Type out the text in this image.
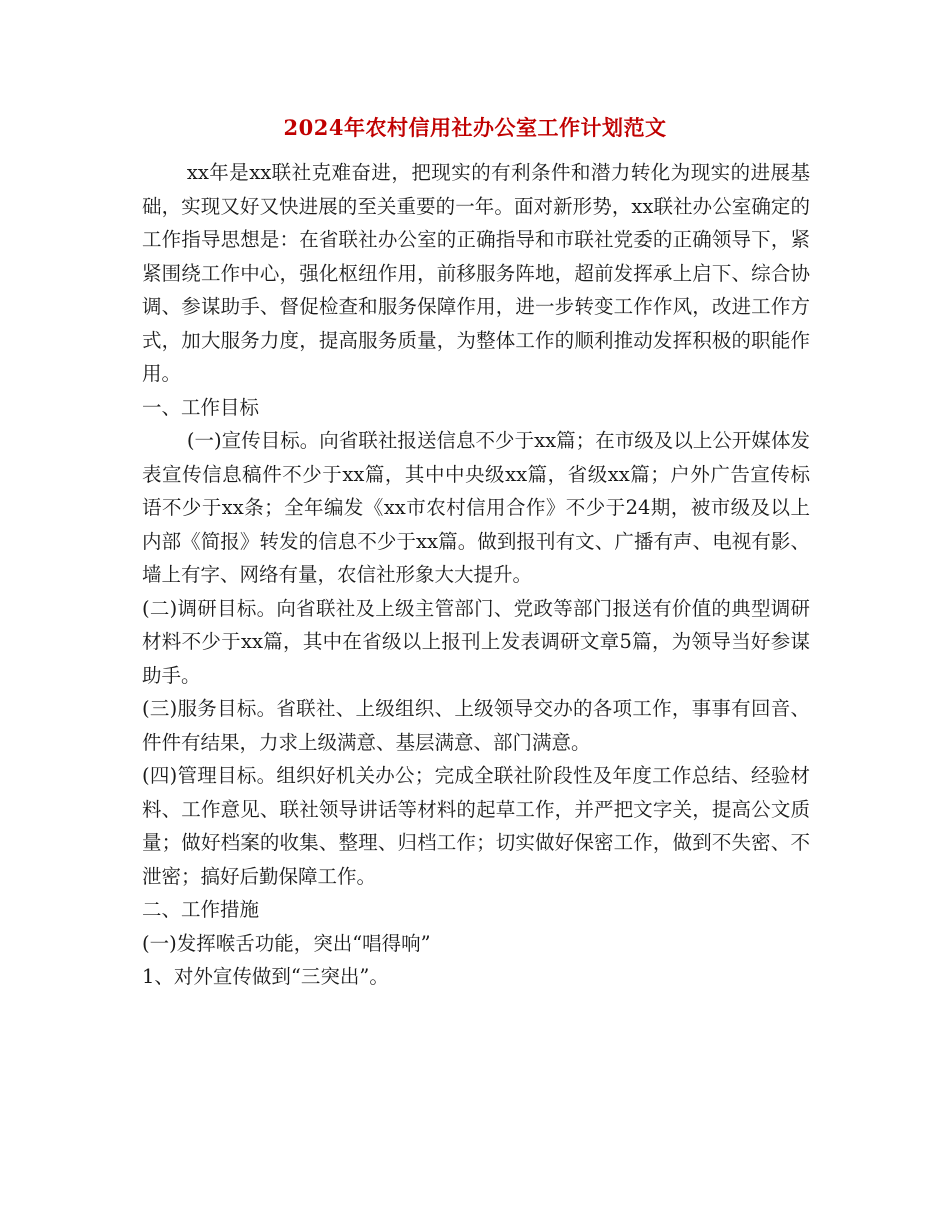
2024年农村信用社办公室工作计划范文

xx年是xx联社克难奋进，把现实的有利条件和潜力转化为现实的进展基础，实现又好又快进展的至关重要的一年。面对新形势，xx联社办公室确定的工作指导思想是：在省联社办公室的正确指导和市联社党委的正确领导下，紧紧围绕工作中心，强化枢纽作用，前移服务阵地，超前发挥承上启下、综合协调、参谋助手、督促检查和服务保障作用，进一步转变工作作风，改进工作方式，加大服务力度，提高服务质量，为整体工作的顺利推动发挥积极的职能作用。

一、工作目标

(一)宣传目标。向省联社报送信息不少于xx篇；在市级及以上公开媒体发表宣传信息稿件不少于xx篇，其中中央级xx篇，省级xx篇；户外广告宣传标语不少于xx条；全年编发《xx市农村信用合作》不少于24期，被市级及以上内部《简报》转发的信息不少于xx篇。做到报刊有文、广播有声、电视有影、墙上有字、网络有量，农信社形象大大提升。

(二)调研目标。向省联社及上级主管部门、党政等部门报送有价值的典型调研材料不少于xx篇，其中在省级以上报刊上发表调研文章5篇，为领导当好参谋助手。

(三)服务目标。省联社、上级组织、上级领导交办的各项工作，事事有回音、件件有结果，力求上级满意、基层满意、部门满意。

(四)管理目标。组织好机关办公；完成全联社阶段性及年度工作总结、经验材料、工作意见、联社领导讲话等材料的起草工作，并严把文字关，提高公文质量；做好档案的收集、整理、归档工作；切实做好保密工作，做到不失密、不泄密；搞好后勤保障工作。

二、工作措施

(一)发挥喉舌功能，突出“唱得响”

1、对外宣传做到“三突出”。
